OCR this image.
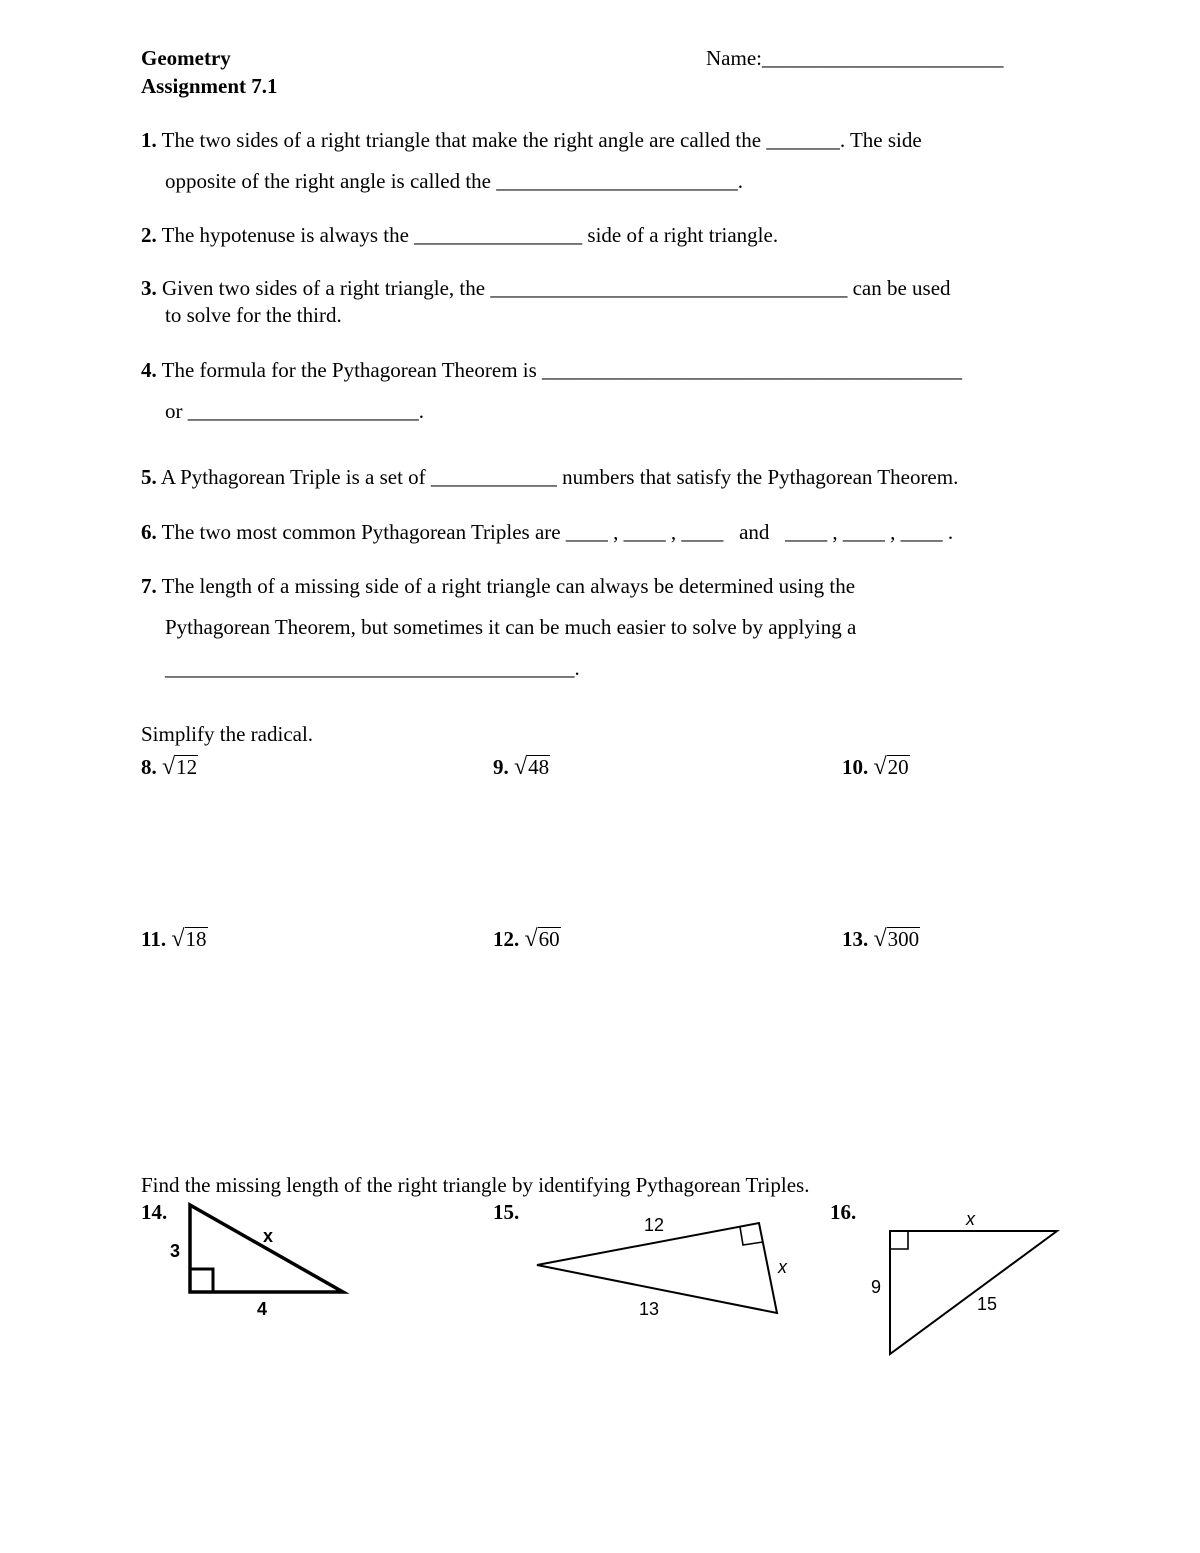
Geometry
Assignment 7.1
Name:_______________________
1. The two sides of a right triangle that make the right angle are called the _______. The side
opposite of the right angle is called the _______________________.
2. The hypotenuse is always the ________________ side of a right triangle.
3. Given two sides of a right triangle, the __________________________________ can be used
to solve for the third.
4. The formula for the Pythagorean Theorem is ________________________________________
or ______________________.
5. A Pythagorean Triple is a set of ____________ numbers that satisfy the Pythagorean Theorem.
6. The two most common Pythagorean Triples are ____ , ____ , ____   and   ____ , ____ , ____ .
7. The length of a missing side of a right triangle can always be determined using the
Pythagorean Theorem, but sometimes it can be much easier to solve by applying a
_______________________________________.
Simplify the radical.
8. √12	9. √48	10. √20
11. √18	12. √60	13. √300
Find the missing length of the right triangle by identifying Pythagorean Triples.
14.	15.	16.
3
x
4
12
x
13
x
9
15
